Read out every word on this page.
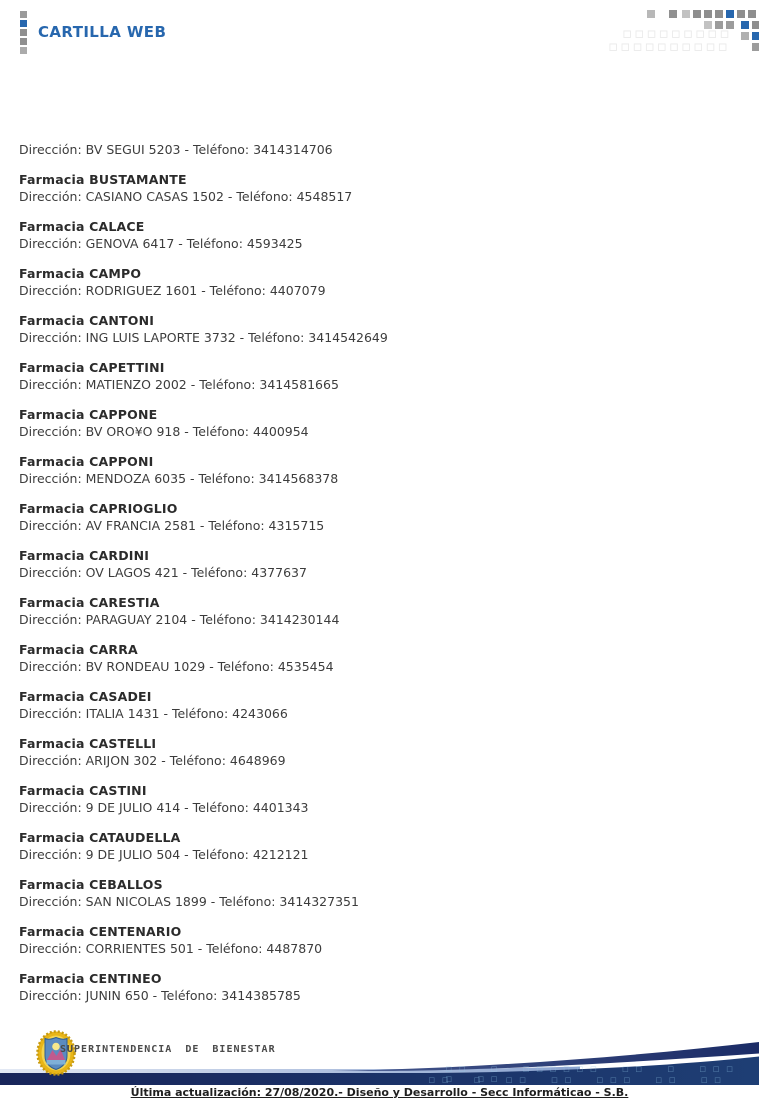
CARTILLA WEB
▫▫▫▫▫▫▫▫▫
▫▫▫▫▫▫▫▫▫▫
Dirección: BV SEGUI 5203 - Teléfono: 3414314706
Farmacia BUSTAMANTE
Dirección: CASIANO CASAS 1502 - Teléfono: 4548517
Farmacia CALACE
Dirección: GENOVA 6417 - Teléfono: 4593425
Farmacia CAMPO
Dirección: RODRIGUEZ 1601 - Teléfono: 4407079
Farmacia CANTONI
Dirección: ING LUIS LAPORTE 3732 - Teléfono: 3414542649
Farmacia CAPETTINI
Dirección: MATIENZO 2002 - Teléfono: 3414581665
Farmacia CAPPONE
Dirección: BV ORO¥O 918 - Teléfono: 4400954
Farmacia CAPPONI
Dirección: MENDOZA 6035 - Teléfono: 3414568378
Farmacia CAPRIOGLIO
Dirección: AV FRANCIA 2581 - Teléfono: 4315715
Farmacia CARDINI
Dirección: OV LAGOS 421 - Teléfono: 4377637
Farmacia CARESTIA
Dirección: PARAGUAY 2104 - Teléfono: 3414230144
Farmacia CARRA
Dirección: BV RONDEAU 1029 - Teléfono: 4535454
Farmacia CASADEI
Dirección: ITALIA 1431 - Teléfono: 4243066
Farmacia CASTELLI
Dirección: ARIJON 302 - Teléfono: 4648969
Farmacia CASTINI
Dirección: 9 DE JULIO 414 - Teléfono: 4401343
Farmacia CATAUDELLA
Dirección: 9 DE JULIO 504 - Teléfono: 4212121
Farmacia CEBALLOS
Dirección: SAN NICOLAS 1899 - Teléfono: 3414327351
Farmacia CENTENARIO
Dirección: CORRIENTES 501 - Teléfono: 4487870
Farmacia CENTINEO
Dirección: JUNIN 650 - Teléfono: 3414385785
▫▫ ▫ ▫▫▫▫▫▫ ▫▫ ▫ ▫▫▫ ▫ ▫▫
▫▫ ▫ ▫▫ ▫▫ ▫▫▫ ▫▫ ▫▫
SUPERINTENDENCIA DE BIENESTAR
Última actualización: 27/08/2020.- Diseño y Desarrollo - Secc Informáticao - S.B.
